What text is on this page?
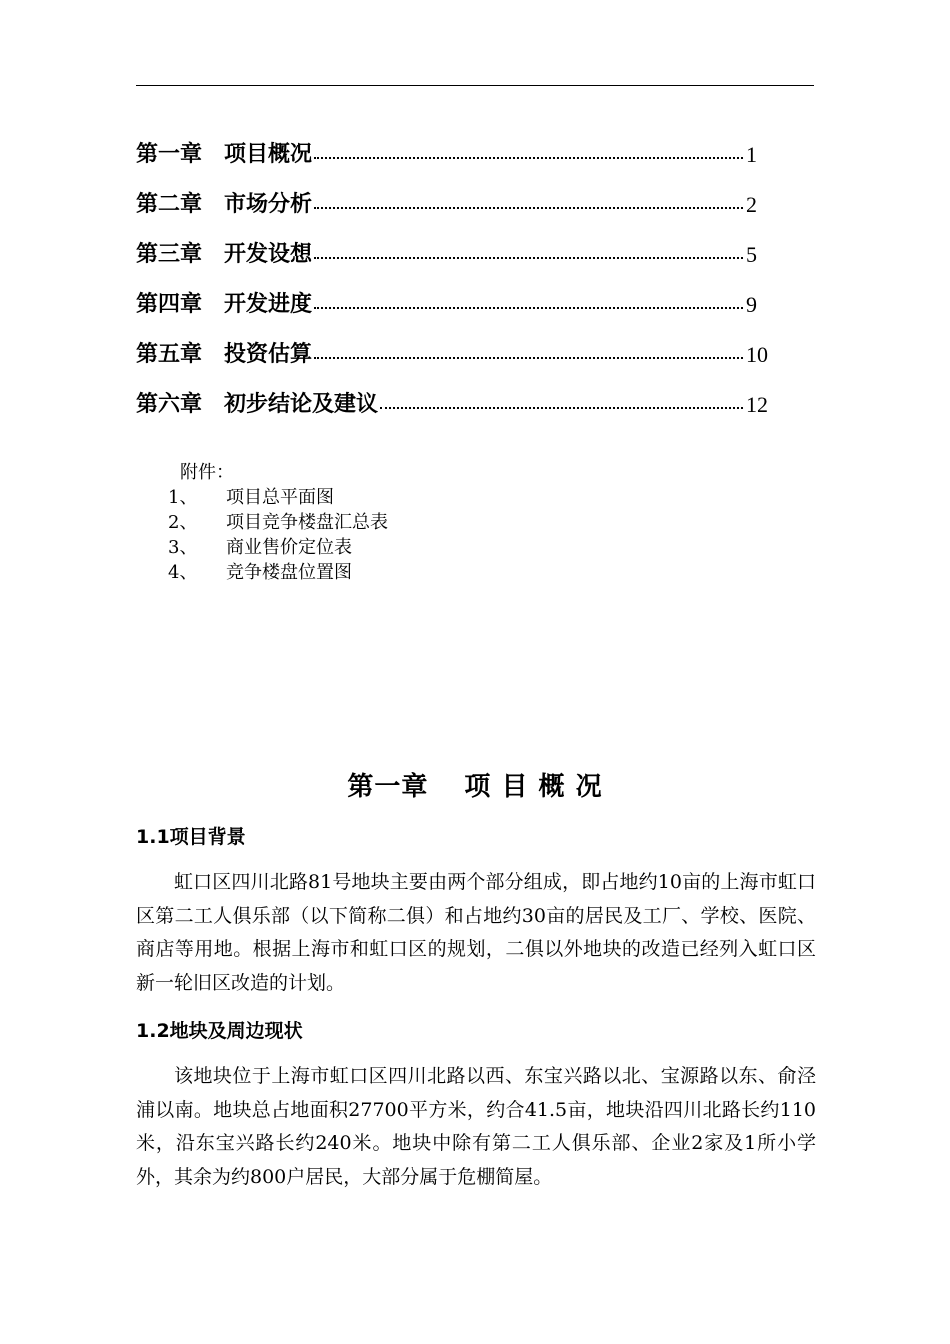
第一章 项目概况	1
第二章 市场分析	2
第三章 开发设想	5
第四章 开发进度	9
第五章 投资估算	10
第六章 初步结论及建议	12
附件：
1、	项目总平面图
2、	项目竞争楼盘汇总表
3、	商业售价定位表
4、	竞争楼盘位置图
第一章 项 目 概 况
1.1项目背景

虹口区四川北路81号地块主要由两个部分组成，即占地约10亩的上海市虹口区第二工人俱乐部（以下简称二俱）和占地约30亩的居民及工厂、学校、医院、商店等用地。根据上海市和虹口区的规划，二俱以外地块的改造已经列入虹口区新一轮旧区改造的计划。

1.2地块及周边现状

该地块位于上海市虹口区四川北路以西、东宝兴路以北、宝源路以东、俞泾浦以南。地块总占地面积27700平方米，约合41.5亩，地块沿四川北路长约110米，沿东宝兴路长约240米。地块中除有第二工人俱乐部、企业2家及1所小学外，其余为约800户居民，大部分属于危棚简屋。
